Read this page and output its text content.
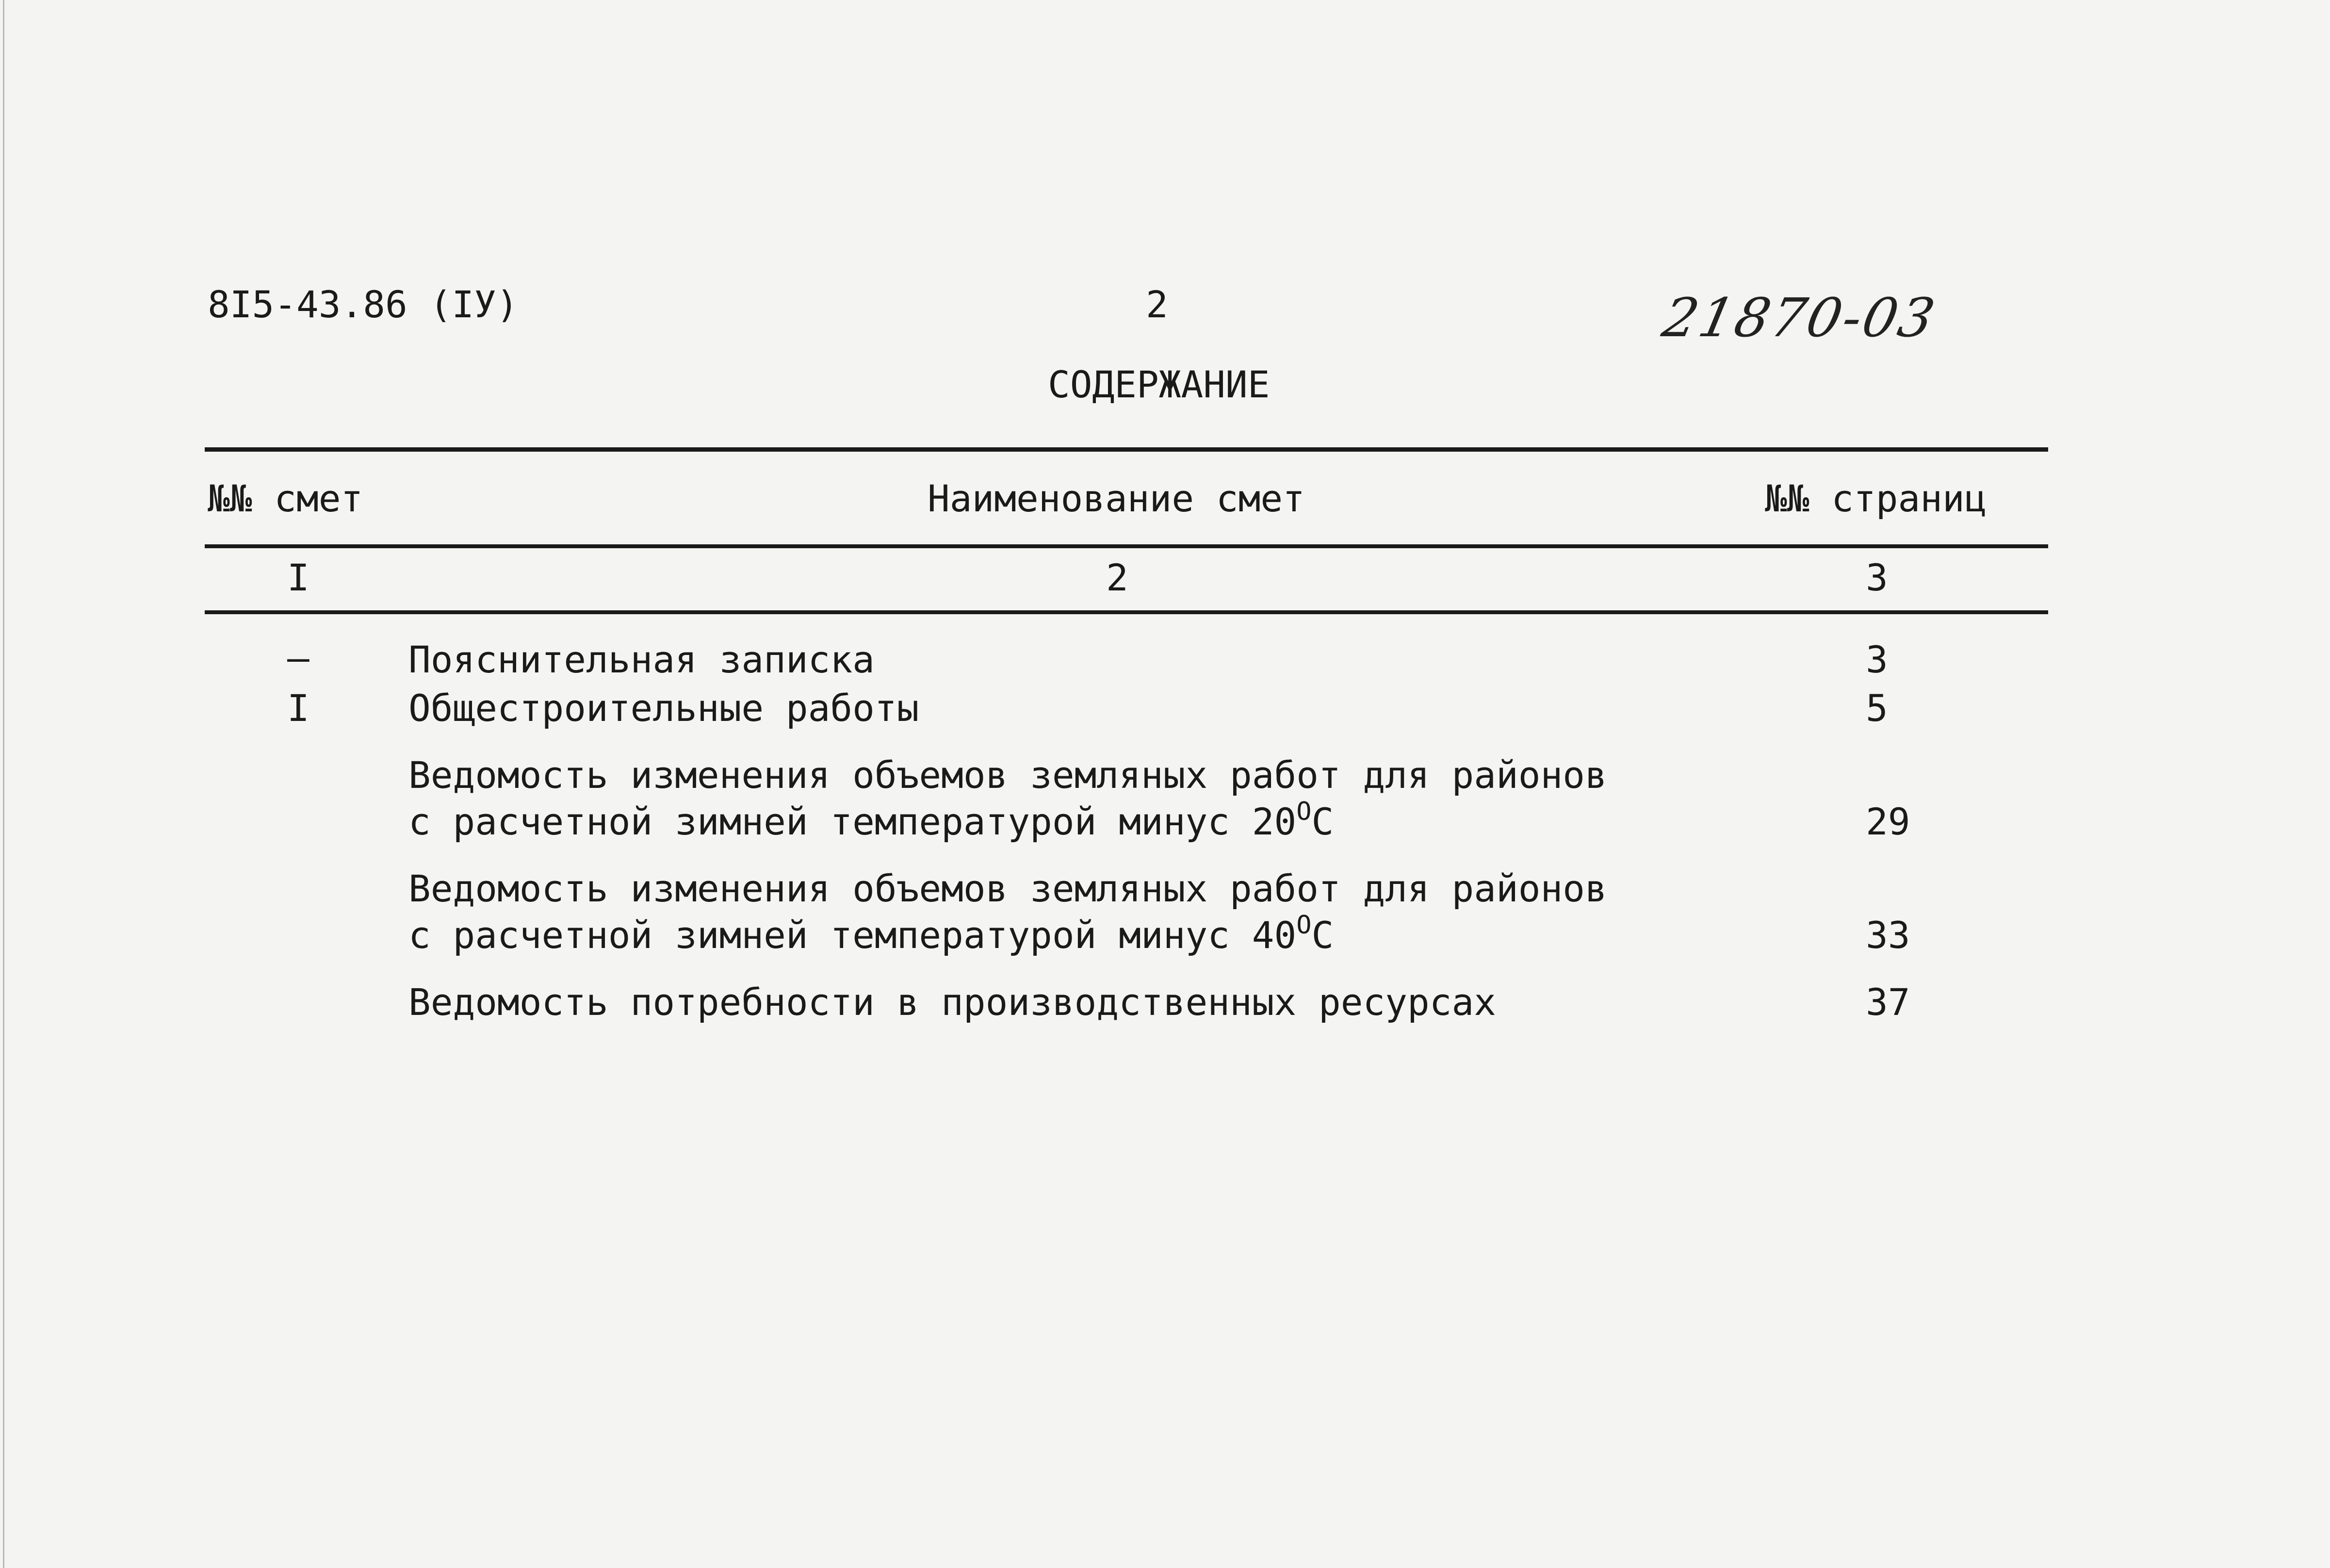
8I5-43.86 (IУ)	2	21870-03
СОДЕРЖАНИЕ
№№ смет	Наименование смет	№№ страниц
I	2	3
–	Пояснительная записка	3
I	Общестроительные работы	5
Ведомость изменения объемов земляных работ для районов
с расчетной зимней температурой минус $20^ОС$	29
Ведомость изменения объемов земляных работ для районов
с расчетной зимней температурой минус $40^ОС$	33
Ведомость потребности в производственных ресурсах	37
